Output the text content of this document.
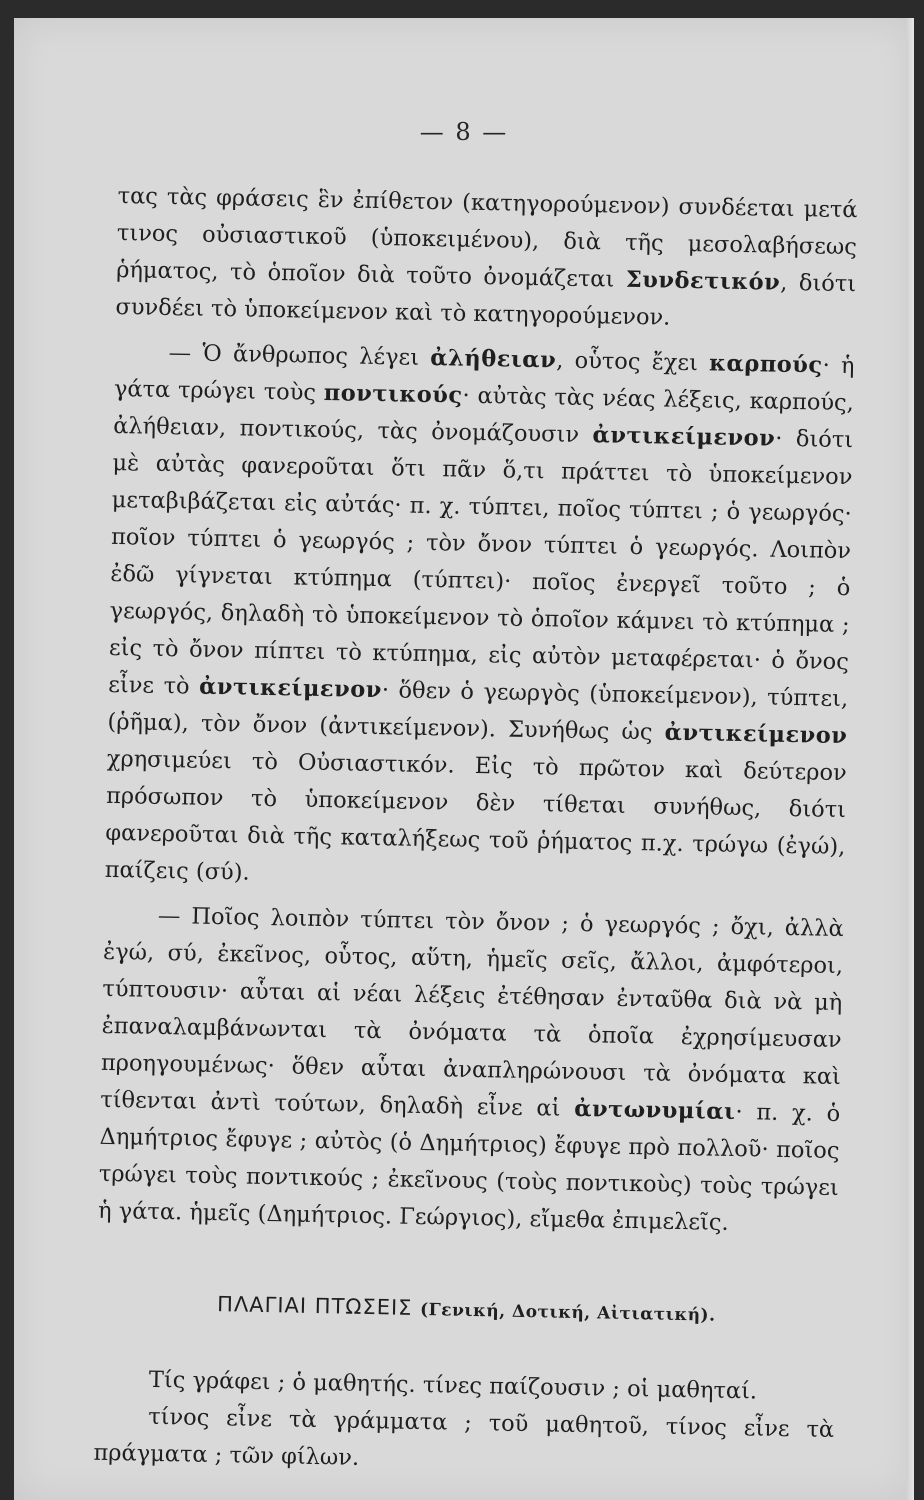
— 8 —

τας τὰς φράσεις ἓν ἐπίθετον (κατηγορούμενον) συνδέεται μετά τινος οὐσιαστικοῦ (ὑποκειμένου), διὰ τῆς μεσολαβήσεως ῥήματος, τὸ ὁποῖον διὰ τοῦτο ὀνομάζεται Συνδετικόν, διότι συνδέει τὸ ὑποκείμενον καὶ τὸ κατηγορούμενον.

— Ὁ ἄνθρωπος λέγει ἀλήθειαν, οὗτος ἔχει καρπούς· ἡ γάτα τρώγει τοὺς ποντικούς· αὐτὰς τὰς νέας λέξεις, καρπούς, ἀλήθειαν, ποντικούς, τὰς ὀνομάζουσιν ἀντικείμενον· διότι μὲ αὐτὰς φανεροῦται ὅτι πᾶν ὅ,τι πράττει τὸ ὑποκείμενον μεταβιβάζεται εἰς αὐτάς· π. χ. τύπτει, ποῖος τύπτει ; ὁ γεωργός· ποῖον τύπτει ὁ γεωργός ; τὸν ὄνον τύπτει ὁ γεωργός. Λοιπὸν ἐδῶ γίγνεται κτύπημα (τύπτει)· ποῖος ἐνεργεῖ τοῦτο ; ὁ γεωργός, δηλαδὴ τὸ ὑποκείμενον τὸ ὁποῖον κάμνει τὸ κτύπημα ; εἰς τὸ ὄνον πίπτει τὸ κτύπημα, εἰς αὐτὸν μεταφέρεται· ὁ ὄνος εἶνε τὸ ἀντικείμενον· ὅθεν ὁ γεωργὸς (ὑποκείμενον), τύπτει, (ῥῆμα), τὸν ὄνον (ἀντικείμενον). Συνήθως ὡς ἀντικείμενον χρησιμεύει τὸ Οὐσιαστικόν. Εἰς τὸ πρῶτον καὶ δεύτερον πρόσωπον τὸ ὑποκείμενον δὲν τίθεται συνήθως, διότι φανεροῦται διὰ τῆς καταλήξεως τοῦ ῥήματος π.χ. τρώγω (ἐγώ), παίζεις (σύ).

— Ποῖος λοιπὸν τύπτει τὸν ὄνον ; ὁ γεωργός ; ὄχι, ἀλλὰ ἐγώ, σύ, ἐκεῖνος, οὗτος, αὕτη, ἡμεῖς σεῖς, ἄλλοι, ἀμφότεροι, τύπτουσιν· αὗται αἱ νέαι λέξεις ἐτέθησαν ἐνταῦθα διὰ νὰ μὴ ἐπαναλαμβάνωνται τὰ ὀνόματα τὰ ὁποῖα ἐχρησίμευσαν προηγουμένως· ὅθεν αὗται ἀναπληρώνουσι τὰ ὀνόματα καὶ τίθενται ἀντὶ τούτων, δηλαδὴ εἶνε αἱ ἀντωνυμίαι· π. χ. ὁ Δημήτριος ἔφυγε ; αὐτὸς (ὁ Δημήτριος) ἔφυγε πρὸ πολλοῦ· ποῖος τρώγει τοὺς ποντικούς ; ἐκεῖνους (τοὺς ποντικοὺς) τοὺς τρώγει ἡ γάτα. ἡμεῖς (Δημήτριος. Γεώργιος), εἴμεθα ἐπιμελεῖς.

ΠΛΑΓΙΑΙ ΠΤΩΣΕΙΣ (Γενική, Δοτική, Αἰτιατική).

Τίς γράφει ; ὁ μαθητής. τίνες παίζουσιν ; οἱ μαθηταί.

τίνος εἶνε τὰ γράμματα ; τοῦ μαθητοῦ, τίνος εἶνε τὰ πράγματα ; τῶν φίλων.
